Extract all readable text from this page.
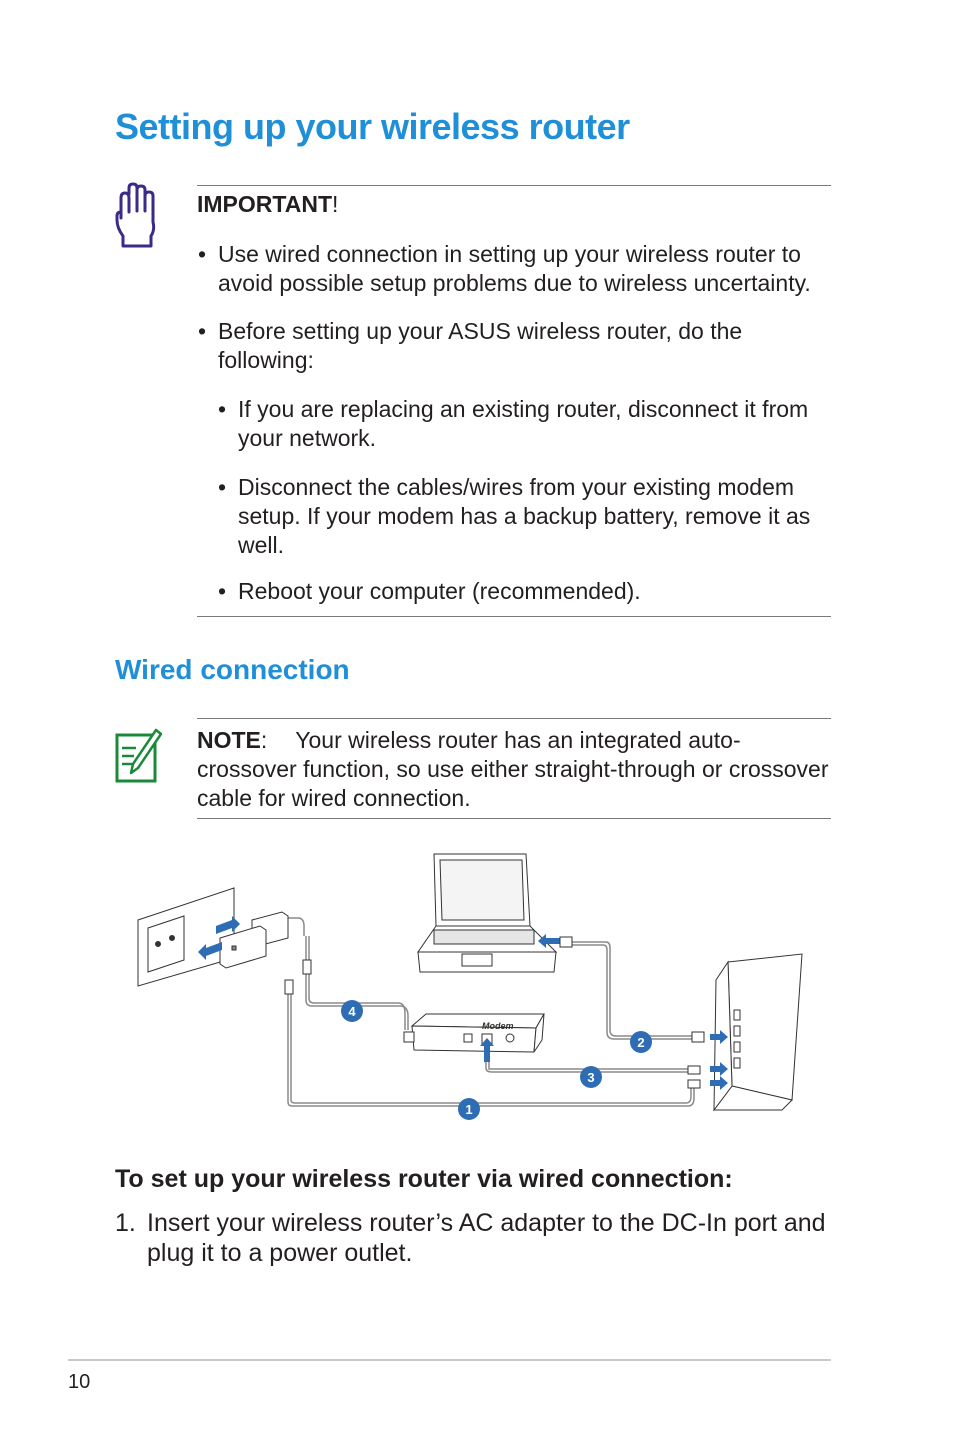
Setting up your wireless router
IMPORTANT!
• Use wired connection in setting up your wireless router to avoid possible setup problems due to wireless uncertainty.
• Before setting up your ASUS wireless router, do the following:
• If you are replacing an existing router, disconnect it from your network.
• Disconnect the cables/wires from your existing modem setup. If your modem has a backup battery, remove it as well.
• Reboot your computer (recommended).
Wired connection
NOTE: Your wireless router has an integrated auto-crossover function, so use either straight-through or crossover cable for wired connection.
Modem
4
2
3
1
To set up your wireless router via wired connection:
1. Insert your wireless router’s AC adapter to the DC-In port and plug it to a power outlet.
10
